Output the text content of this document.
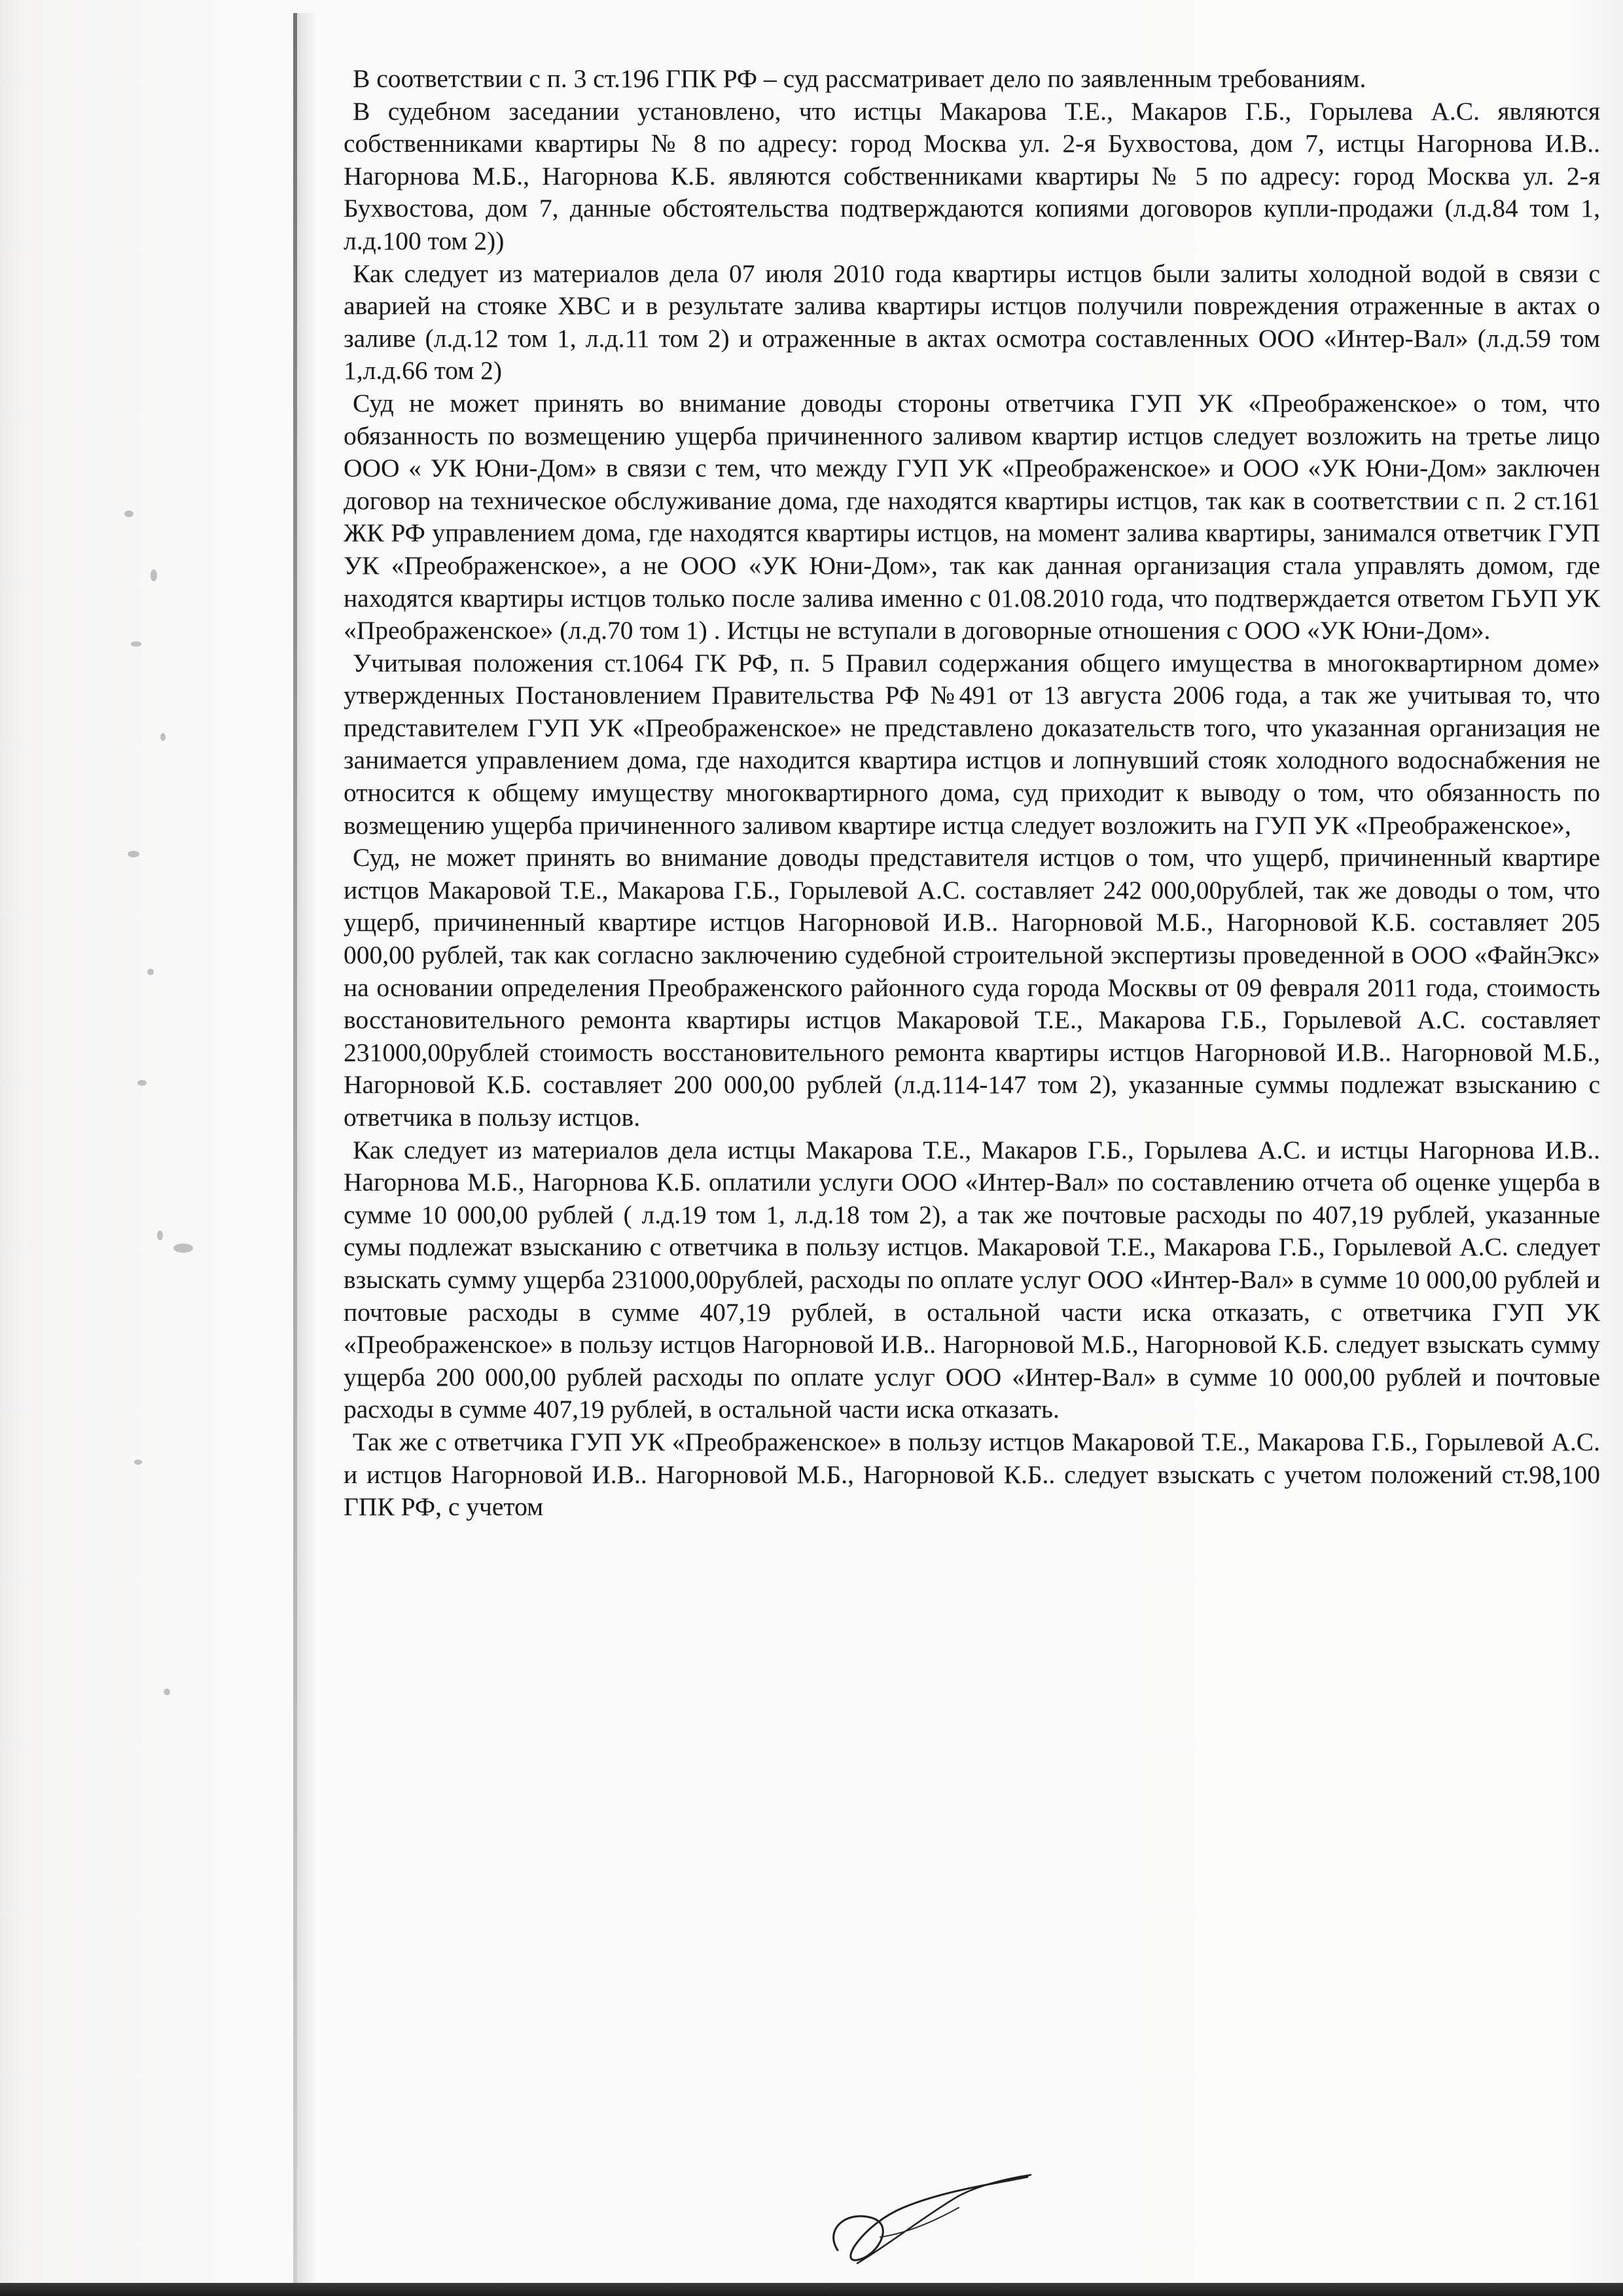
В соответствии с п. 3 ст.196 ГПК РФ – суд рассматривает дело по заявленным требованиям.

В судебном заседании установлено, что истцы Макарова Т.Е., Макаров Г.Б., Горылева А.С. являются собственниками квартиры № 8 по адресу: город Москва ул. 2-я Бухвостова, дом 7, истцы Нагорнова И.В.. Нагорнова М.Б., Нагорнова К.Б. являются собственниками квартиры № 5 по адресу: город Москва ул. 2-я Бухвостова, дом 7, данные обстоятельства подтверждаются копиями договоров купли-продажи (л.д.84 том 1, л.д.100 том 2))

Как следует из материалов дела 07 июля 2010 года квартиры истцов были залиты холодной водой в связи с аварией на стояке ХВС и в результате залива квартиры истцов получили повреждения отраженные в актах о заливе (л.д.12 том 1, л.д.11 том 2) и отраженные в актах осмотра составленных ООО «Интер-Вал» (л.д.59 том 1,л.д.66 том 2)

Суд не может принять во внимание доводы стороны ответчика ГУП УК «Преображенское» о том, что обязанность по возмещению ущерба причиненного заливом квартир истцов следует возложить на третье лицо ООО « УК Юни-Дом» в связи с тем, что между ГУП УК «Преображенское» и ООО «УК Юни-Дом» заключен договор на техническое обслуживание дома, где находятся квартиры истцов, так как в соответствии с п. 2 ст.161 ЖК РФ управлением дома, где находятся квартиры истцов, на момент залива квартиры, занимался ответчик ГУП УК «Преображенское», а не ООО «УК Юни-Дом», так как данная организация стала управлять домом, где находятся квартиры истцов только после залива именно с 01.08.2010 года, что подтверждается ответом ГЬУП УК «Преображенское» (л.д.70 том 1) . Истцы не вступали в договорные отношения с ООО «УК Юни-Дом».

Учитывая положения ст.1064 ГК РФ, п. 5 Правил содержания общего имущества в многоквартирном доме» утвержденных Постановлением Правительства РФ №491 от 13 августа 2006 года, а так же учитывая то, что представителем ГУП УК «Преображенское» не представлено доказательств того, что указанная организация не занимается управлением дома, где находится квартира истцов и лопнувший стояк холодного водоснабжения не относится к общему имуществу многоквартирного дома, суд приходит к выводу о том, что обязанность по возмещению ущерба причиненного заливом квартире истца следует возложить на ГУП УК «Преображенское»,

Суд, не может принять во внимание доводы представителя истцов о том, что ущерб, причиненный квартире истцов Макаровой Т.Е., Макарова Г.Б., Горылевой А.С. составляет 242 000,00рублей, так же доводы о том, что ущерб, причиненный квартире истцов Нагорновой И.В.. Нагорновой М.Б., Нагорновой К.Б. составляет 205 000,00 рублей, так как согласно заключению судебной строительной экспертизы проведенной в ООО «ФайнЭкс» на основании определения Преображенского районного суда города Москвы от 09 февраля 2011 года, стоимость восстановительного ремонта квартиры истцов Макаровой Т.Е., Макарова Г.Б., Горылевой А.С. составляет 231000,00рублей стоимость восстановительного ремонта квартиры истцов Нагорновой И.В.. Нагорновой М.Б., Нагорновой К.Б. составляет 200 000,00 рублей (л.д.114-147 том 2), указанные суммы подлежат взысканию с ответчика в пользу истцов.

Как следует из материалов дела истцы Макарова Т.Е., Макаров Г.Б., Горылева А.С. и истцы Нагорнова И.В.. Нагорнова М.Б., Нагорнова К.Б. оплатили услуги ООО «Интер-Вал» по составлению отчета об оценке ущерба в сумме 10 000,00 рублей ( л.д.19 том 1, л.д.18 том 2), а так же почтовые расходы по 407,19 рублей, указанные сумы подлежат взысканию с ответчика в пользу истцов. Макаровой Т.Е., Макарова Г.Б., Горылевой А.С. следует взыскать сумму ущерба 231000,00рублей, расходы по оплате услуг ООО «Интер-Вал» в сумме 10 000,00 рублей и почтовые расходы в сумме 407,19 рублей, в остальной части иска отказать, с ответчика ГУП УК «Преображенское» в пользу истцов Нагорновой И.В.. Нагорновой М.Б., Нагорновой К.Б. следует взыскать сумму ущерба 200 000,00 рублей расходы по оплате услуг ООО «Интер-Вал» в сумме 10 000,00 рублей и почтовые расходы в сумме 407,19 рублей, в остальной части иска отказать.

Так же с ответчика ГУП УК «Преображенское» в пользу истцов Макаровой Т.Е., Макарова Г.Б., Горылевой А.С. и истцов Нагорновой И.В.. Нагорновой М.Б., Нагорновой К.Б.. следует взыскать с учетом положений ст.98,100 ГПК РФ, с учетом
